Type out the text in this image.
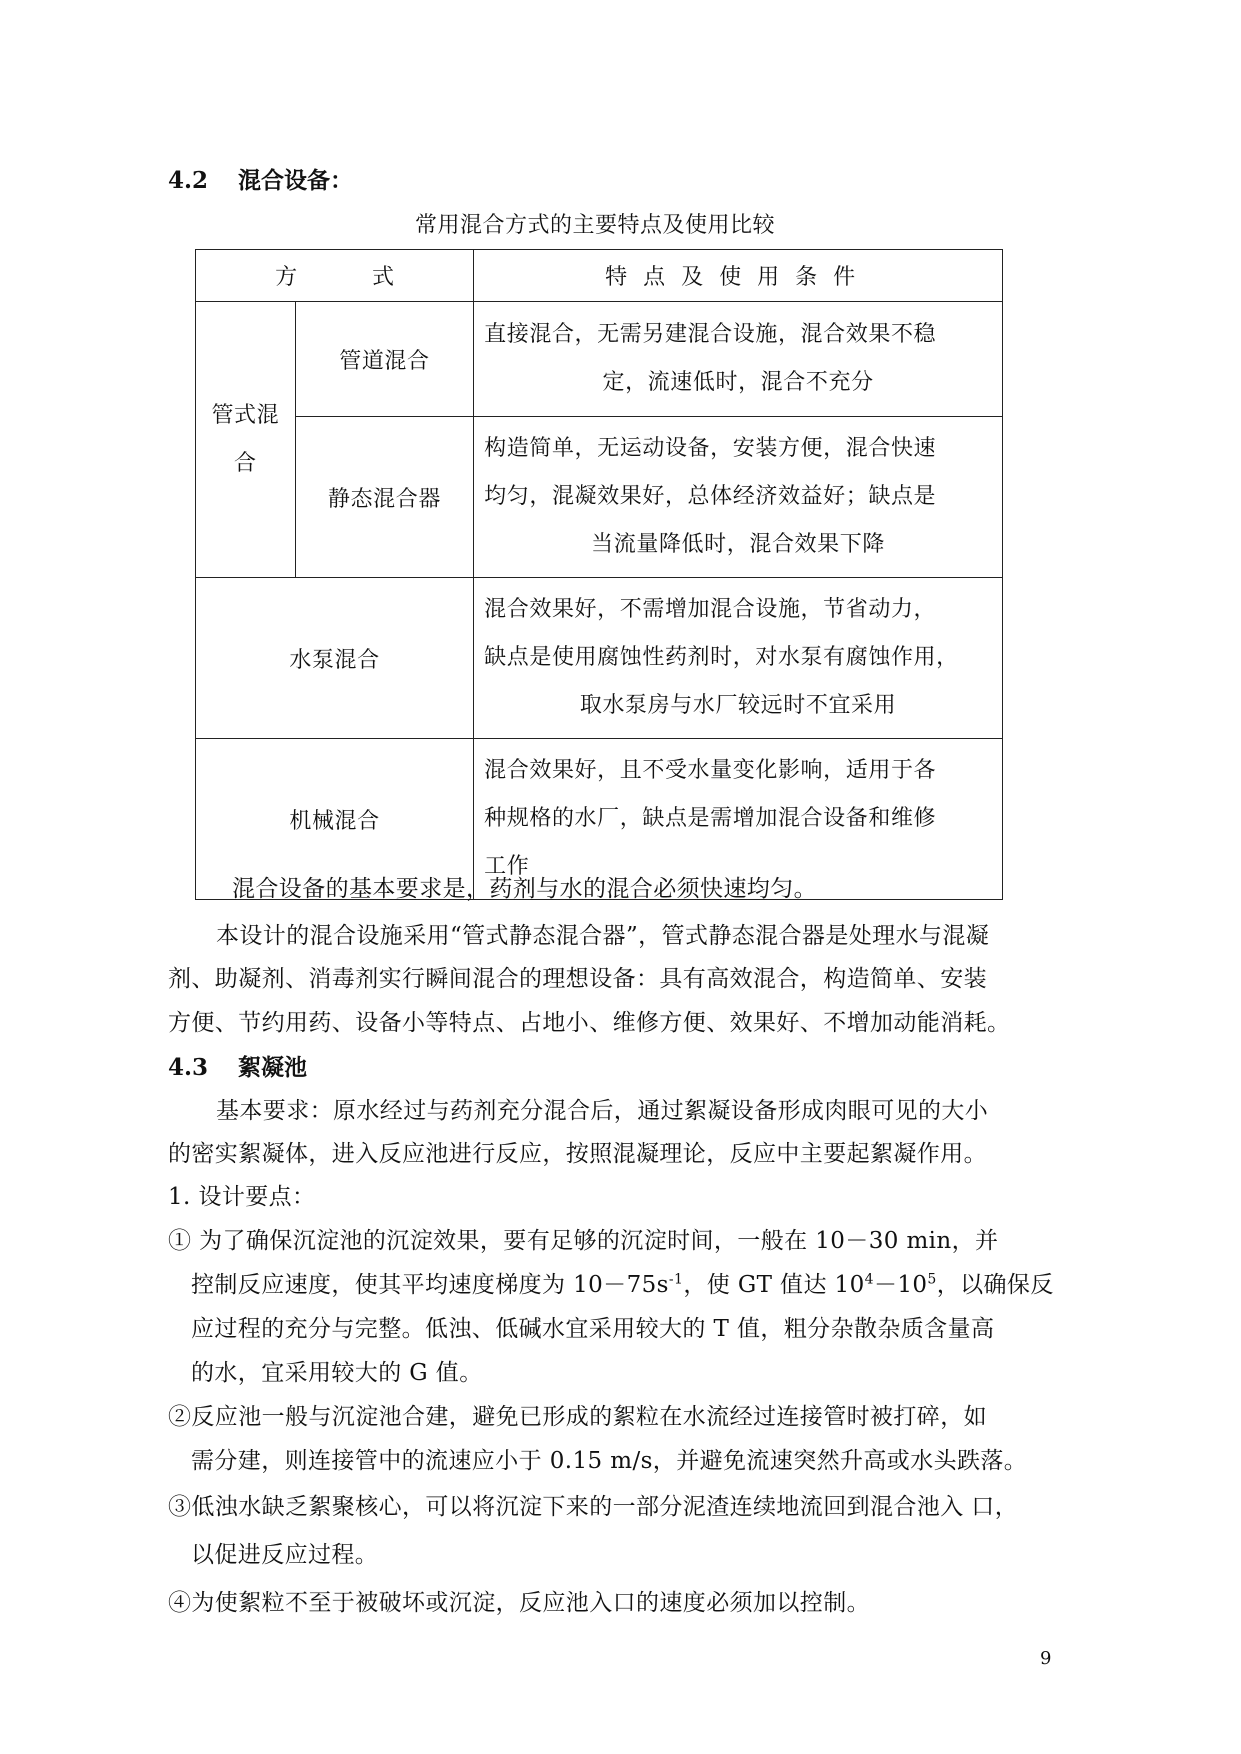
4.2 混合设备：
常用混合方式的主要特点及使用比较
方 式		特点及使用条件

管式混
合	管道混合	直接混合，无需另建混合设施，混合效果不稳
定，流速低时，混合不充分

	静态混合器	构造简单，无运动设备，安装方便，混合快速
均匀，混凝效果好，总体经济效益好；缺点是
当流量降低时，混合效果下降

水泵混合		混合效果好，不需增加混合设施，节省动力，
缺点是使用腐蚀性药剂时，对水泵有腐蚀作用，
取水泵房与水厂较远时不宜采用

机械混合		混合效果好，且不受水量变化影响，适用于各
种规格的水厂，缺点是需增加混合设备和维修
工作
混合设备的基本要求是，药剂与水的混合必须快速均匀。
本设计的混合设施采用“管式静态混合器”，管式静态混合器是处理水与混凝
剂、助凝剂、消毒剂实行瞬间混合的理想设备：具有高效混合，构造简单、安装
方便、节约用药、设备小等特点、占地小、维修方便、效果好、不增加动能消耗。
4.3 絮凝池
基本要求：原水经过与药剂充分混合后，通过絮凝设备形成肉眼可见的大小
的密实絮凝体，进入反应池进行反应，按照混凝理论，反应中主要起絮凝作用。
1. 设计要点：
① 为了确保沉淀池的沉淀效果，要有足够的沉淀时间，一般在 10－30 min，并
控制反应速度，使其平均速度梯度为 $10-75s^{-1}$，使 GT 值达 $10^4-10^5$，以确保反
应过程的充分与完整。低浊、低碱水宜采用较大的 T 值，粗分杂散杂质含量高
的水，宜采用较大的 G 值。
②反应池一般与沉淀池合建，避免已形成的絮粒在水流经过连接管时被打碎，如
需分建，则连接管中的流速应小于 0.15 m/s，并避免流速突然升高或水头跌落。
③低浊水缺乏絮聚核心，可以将沉淀下来的一部分泥渣连续地流回到混合池入 口，
以促进反应过程。
④为使絮粒不至于被破坏或沉淀，反应池入口的速度必须加以控制。
9
